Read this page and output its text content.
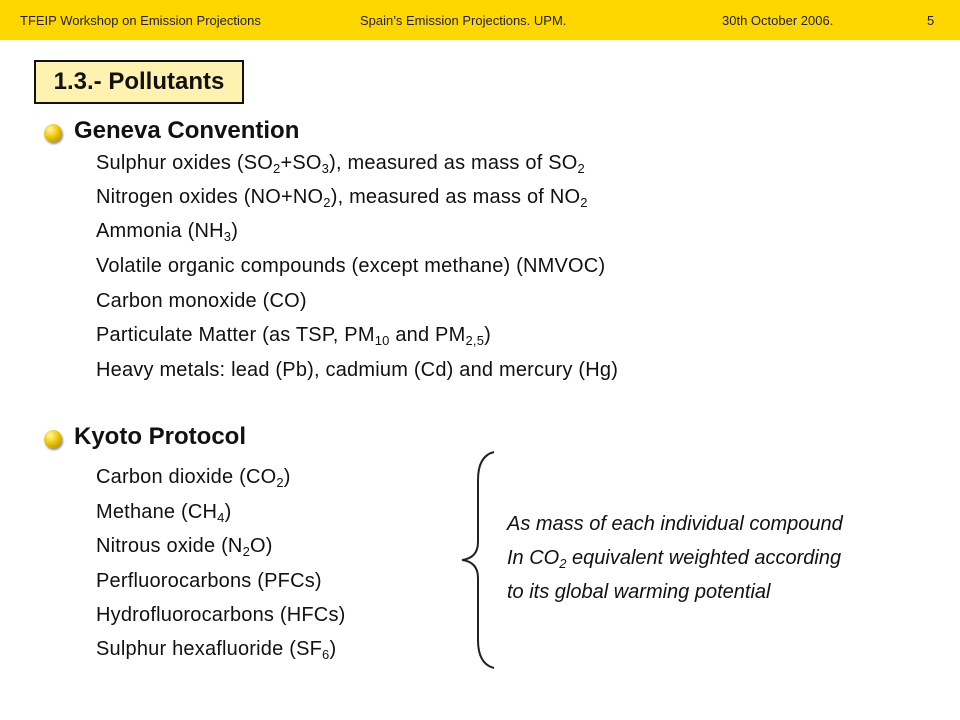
TFEIP Workshop on Emission Projections	Spain’s Emission Projections. UPM.	30th October 2006.	5
1.3.- Pollutants
Geneva Convention
Sulphur oxides $(SO_2+SO_3)$, measured as mass of $SO_2$
Nitrogen oxides $(NO+NO_2)$, measured as mass of $NO_2$
Ammonia $(NH_3)$
Volatile organic compounds (except methane) (NMVOC)
Carbon monoxide (CO)
Particulate Matter (as TSP, $PM_{10}$ and $PM_{2,5}$)
Heavy metals: lead (Pb), cadmium (Cd) and mercury (Hg)
Kyoto Protocol
Carbon dioxide $(CO_2)$
Methane $(CH_4)$
Nitrous oxide $(N_2O)$
Perfluorocarbons (PFCs)
Hydrofluorocarbons (HFCs)
Sulphur hexafluoride $(SF_6)$
As mass of each individual compound
In $CO_2$ equivalent weighted according
to its global warming potential
